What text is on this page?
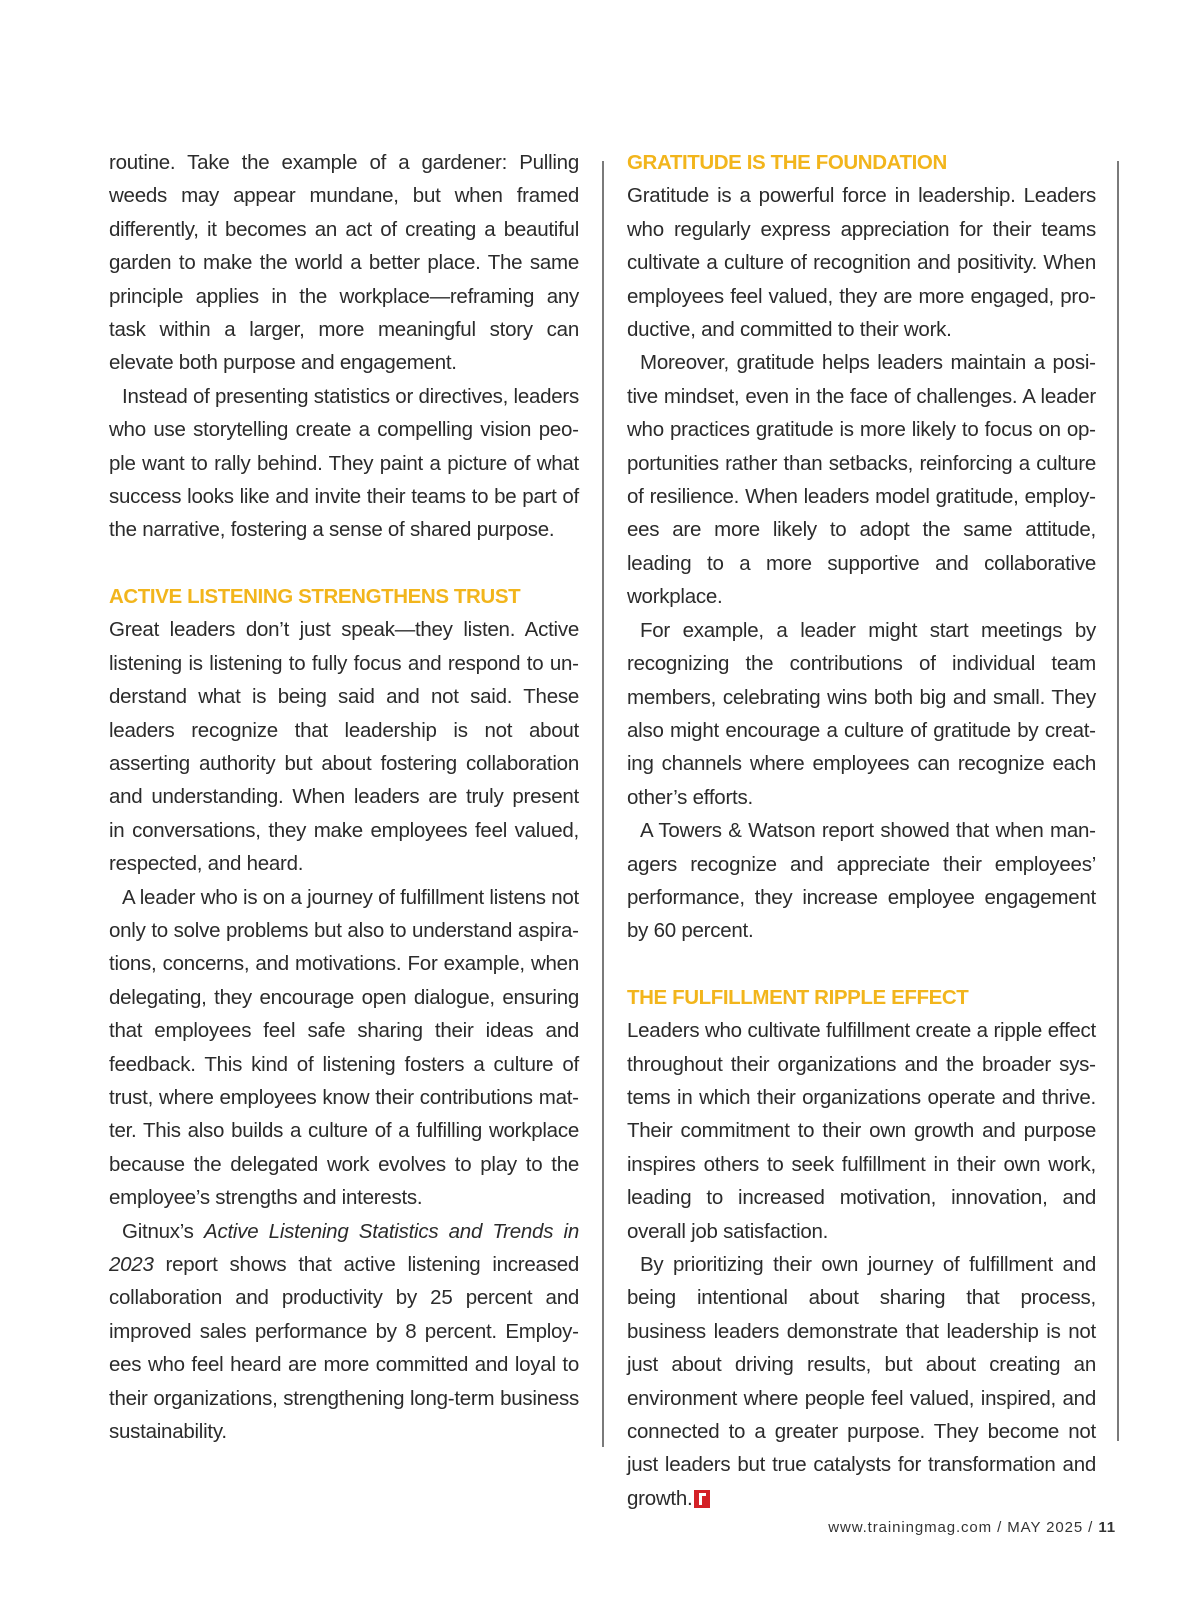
routine. Take the example of a gardener: Pulling weeds may appear mundane, but when framed differently, it becomes an act of creating a beautiful garden to make the world a better place. The same principle applies in the workplace—reframing any task within a larger, more meaningful story can elevate both purpose and engagement.

Instead of presenting statistics or directives, leaders who use storytelling create a compelling vision people want to rally behind. They paint a picture of what success looks like and invite their teams to be part of the narrative, fostering a sense of shared purpose.

ACTIVE LISTENING STRENGTHENS TRUST

Great leaders don’t just speak—they listen. Active listening is listening to fully focus and respond to understand what is being said and not said. These leaders recognize that leadership is not about asserting authority but about fostering collaboration and understanding. When leaders are truly present in conversations, they make employees feel valued, respected, and heard.

A leader who is on a journey of fulfillment listens not only to solve problems but also to understand aspirations, concerns, and motivations. For example, when delegating, they encourage open dialogue, ensuring that employees feel safe sharing their ideas and feedback. This kind of listening fosters a culture of trust, where employees know their contributions matter. This also builds a culture of a fulfilling workplace because the delegated work evolves to play to the employee’s strengths and interests.

Gitnux’s Active Listening Statistics and Trends in 2023 report shows that active listening increased collaboration and productivity by 25 percent and improved sales performance by 8 percent. Employees who feel heard are more committed and loyal to their organizations, strengthening long-term business sustainability.

GRATITUDE IS THE FOUNDATION

Gratitude is a powerful force in leadership. Leaders who regularly express appreciation for their teams cultivate a culture of recognition and positivity. When employees feel valued, they are more engaged, productive, and committed to their work.

Moreover, gratitude helps leaders maintain a positive mindset, even in the face of challenges. A leader who practices gratitude is more likely to focus on opportunities rather than setbacks, reinforcing a culture of resilience. When leaders model gratitude, employees are more likely to adopt the same attitude, leading to a more supportive and collaborative workplace.

For example, a leader might start meetings by recognizing the contributions of individual team members, celebrating wins both big and small. They also might encourage a culture of gratitude by creating channels where employees can recognize each other’s efforts.

A Towers & Watson report showed that when managers recognize and appreciate their employees’ performance, they increase employee engagement by 60 percent.

THE FULFILLMENT RIPPLE EFFECT

Leaders who cultivate fulfillment create a ripple effect throughout their organizations and the broader systems in which their organizations operate and thrive. Their commitment to their own growth and purpose inspires others to seek fulfillment in their own work, leading to increased motivation, innovation, and overall job satisfaction.

By prioritizing their own journey of fulfillment and being intentional about sharing that process, business leaders demonstrate that leadership is not just about driving results, but about creating an environment where people feel valued, inspired, and connected to a greater purpose. They become not just leaders but true catalysts for transformation and growth.

www.trainingmag.com / MAY 2025 / 11
